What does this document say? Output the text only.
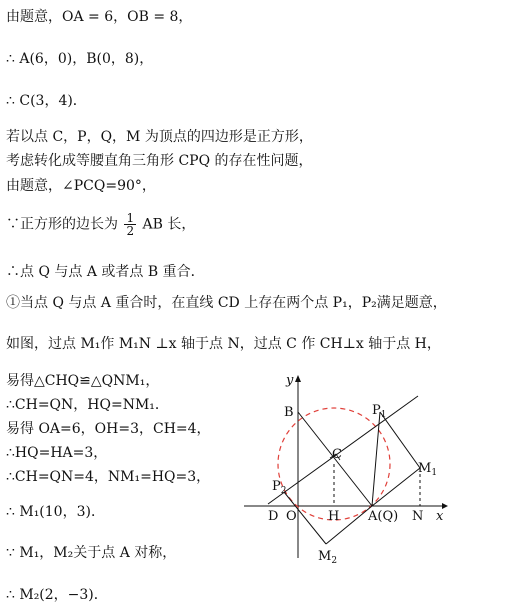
由题意，OA = 6，OB = 8，
∴ A(6，0)，B(0，8)，
∴ C(3，4)．
若以点 C，P，Q，M 为顶点的四边形是正方形，
考虑转化成等腰直角三角形 CPQ 的存在性问题，
由题意，∠PCQ=90°，
∵正方形的边长为 $\frac{1}{2}$ AB 长，
∴点 Q 与点 A 或者点 B 重合．
①当点 Q 与点 A 重合时，在直线 CD 上存在两个点 P₁，P₂满足题意，
如图，过点 M₁作 M₁N ⊥x 轴于点 N，过点 C 作 CH⊥x 轴于点 H，
易得△CHQ≌△QNM₁，
∴CH=QN，HQ=NM₁．
易得 OA=6，OH=3，CH=4，
∴HQ=HA=3，
∴CH=QN=4，NM₁=HQ=3，
∴ M₁(10，3)．
∵ M₁，M₂关于点 A 对称，
∴ M₂(2，−3)．
y
x
B	$P_1$
C
$M_1$
$P_2$
D O H A(Q) N
$M_2$
